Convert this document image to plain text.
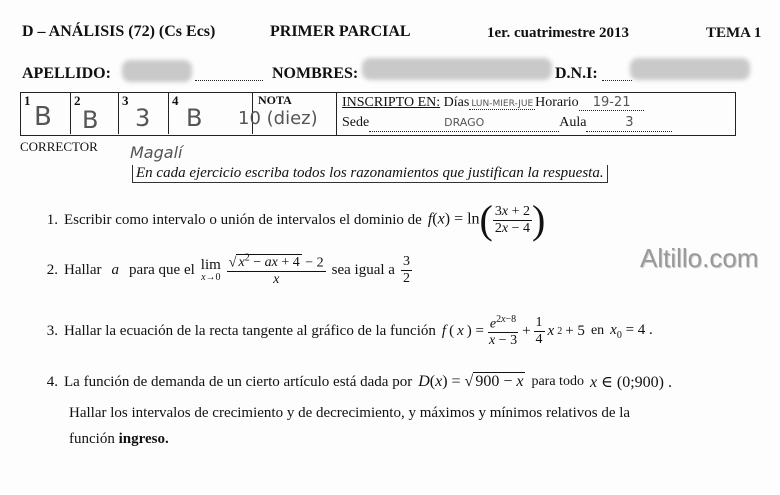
D – ANÁLISIS (72) (Cs Ecs)	PRIMER PARCIAL	1er. cuatrimestre 2013	TEMA 1
APELLIDO:	NOMBRES:	D.N.I:
1	2	3	4	NOTA
B B 3 B 10 (diez)
INSCRIPTO EN: Días LUN-MIER-JUE Horario 19-21
Sede	DRAGO	Aula	3
CORRECTOR Magalí
En cada ejercicio escriba todos los razonamientos que justifican la respuesta.
Altillo.com
1. Escribir como intervalo o unión de intervalos el dominio de $f(x) = \ln( \frac{3x + 2}{2x - 4}$ )
2. Hallar a para que el lim
$x\to 0 \frac{√ x^2 - ax + 4 - 2}{x}$ sea igual a $\frac{3}{2}$
3. Hallar la ecuación de la recta tangente al gráfico de la función f ( x ) = $\frac{e^{2x-8}}{x - 3} + \frac{1}{4}$ x 2 + 5 en $x_0 = 4$ .
4. La función de demanda de un cierto artículo está dada por D(x) = √ 900 − x para todo x ∈ (0;900) .
Hallar los intervalos de crecimiento y de decrecimiento, y máximos y mínimos relativos de la
función ingreso.
